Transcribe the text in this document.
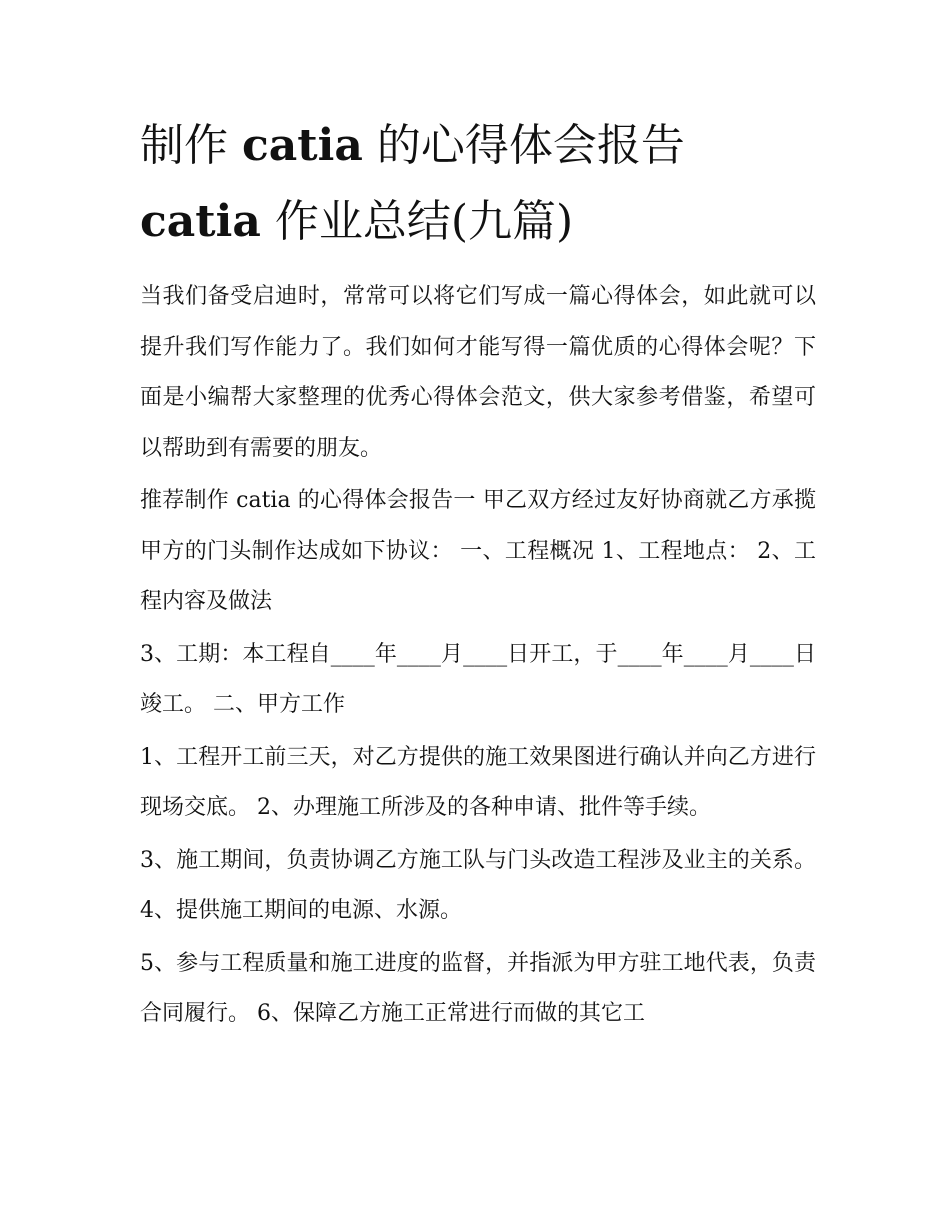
制作 catia 的心得体会报告
catia 作业总结(九篇)

当我们备受启迪时，常常可以将它们写成一篇心得体会，如此就可以提升我们写作能力了。我们如何才能写得一篇优质的心得体会呢？下面是小编帮大家整理的优秀心得体会范文，供大家参考借鉴，希望可以帮助到有需要的朋友。

推荐制作 catia 的心得体会报告一 甲乙双方经过友好协商就乙方承揽甲方的门头制作达成如下协议： 一、工程概况 1、工程地点： 2、工程内容及做法

3、工期：本工程自____年____月____日开工，于____年____月____日竣工。 二、甲方工作

1、工程开工前三天，对乙方提供的施工效果图进行确认并向乙方进行现场交底。 2、办理施工所涉及的各种申请、批件等手续。

3、施工期间，负责协调乙方施工队与门头改造工程涉及业主的关系。 4、提供施工期间的电源、水源。

5、参与工程质量和施工进度的监督，并指派为甲方驻工地代表，负责合同履行。 6、保障乙方施工正常进行而做的其它工
